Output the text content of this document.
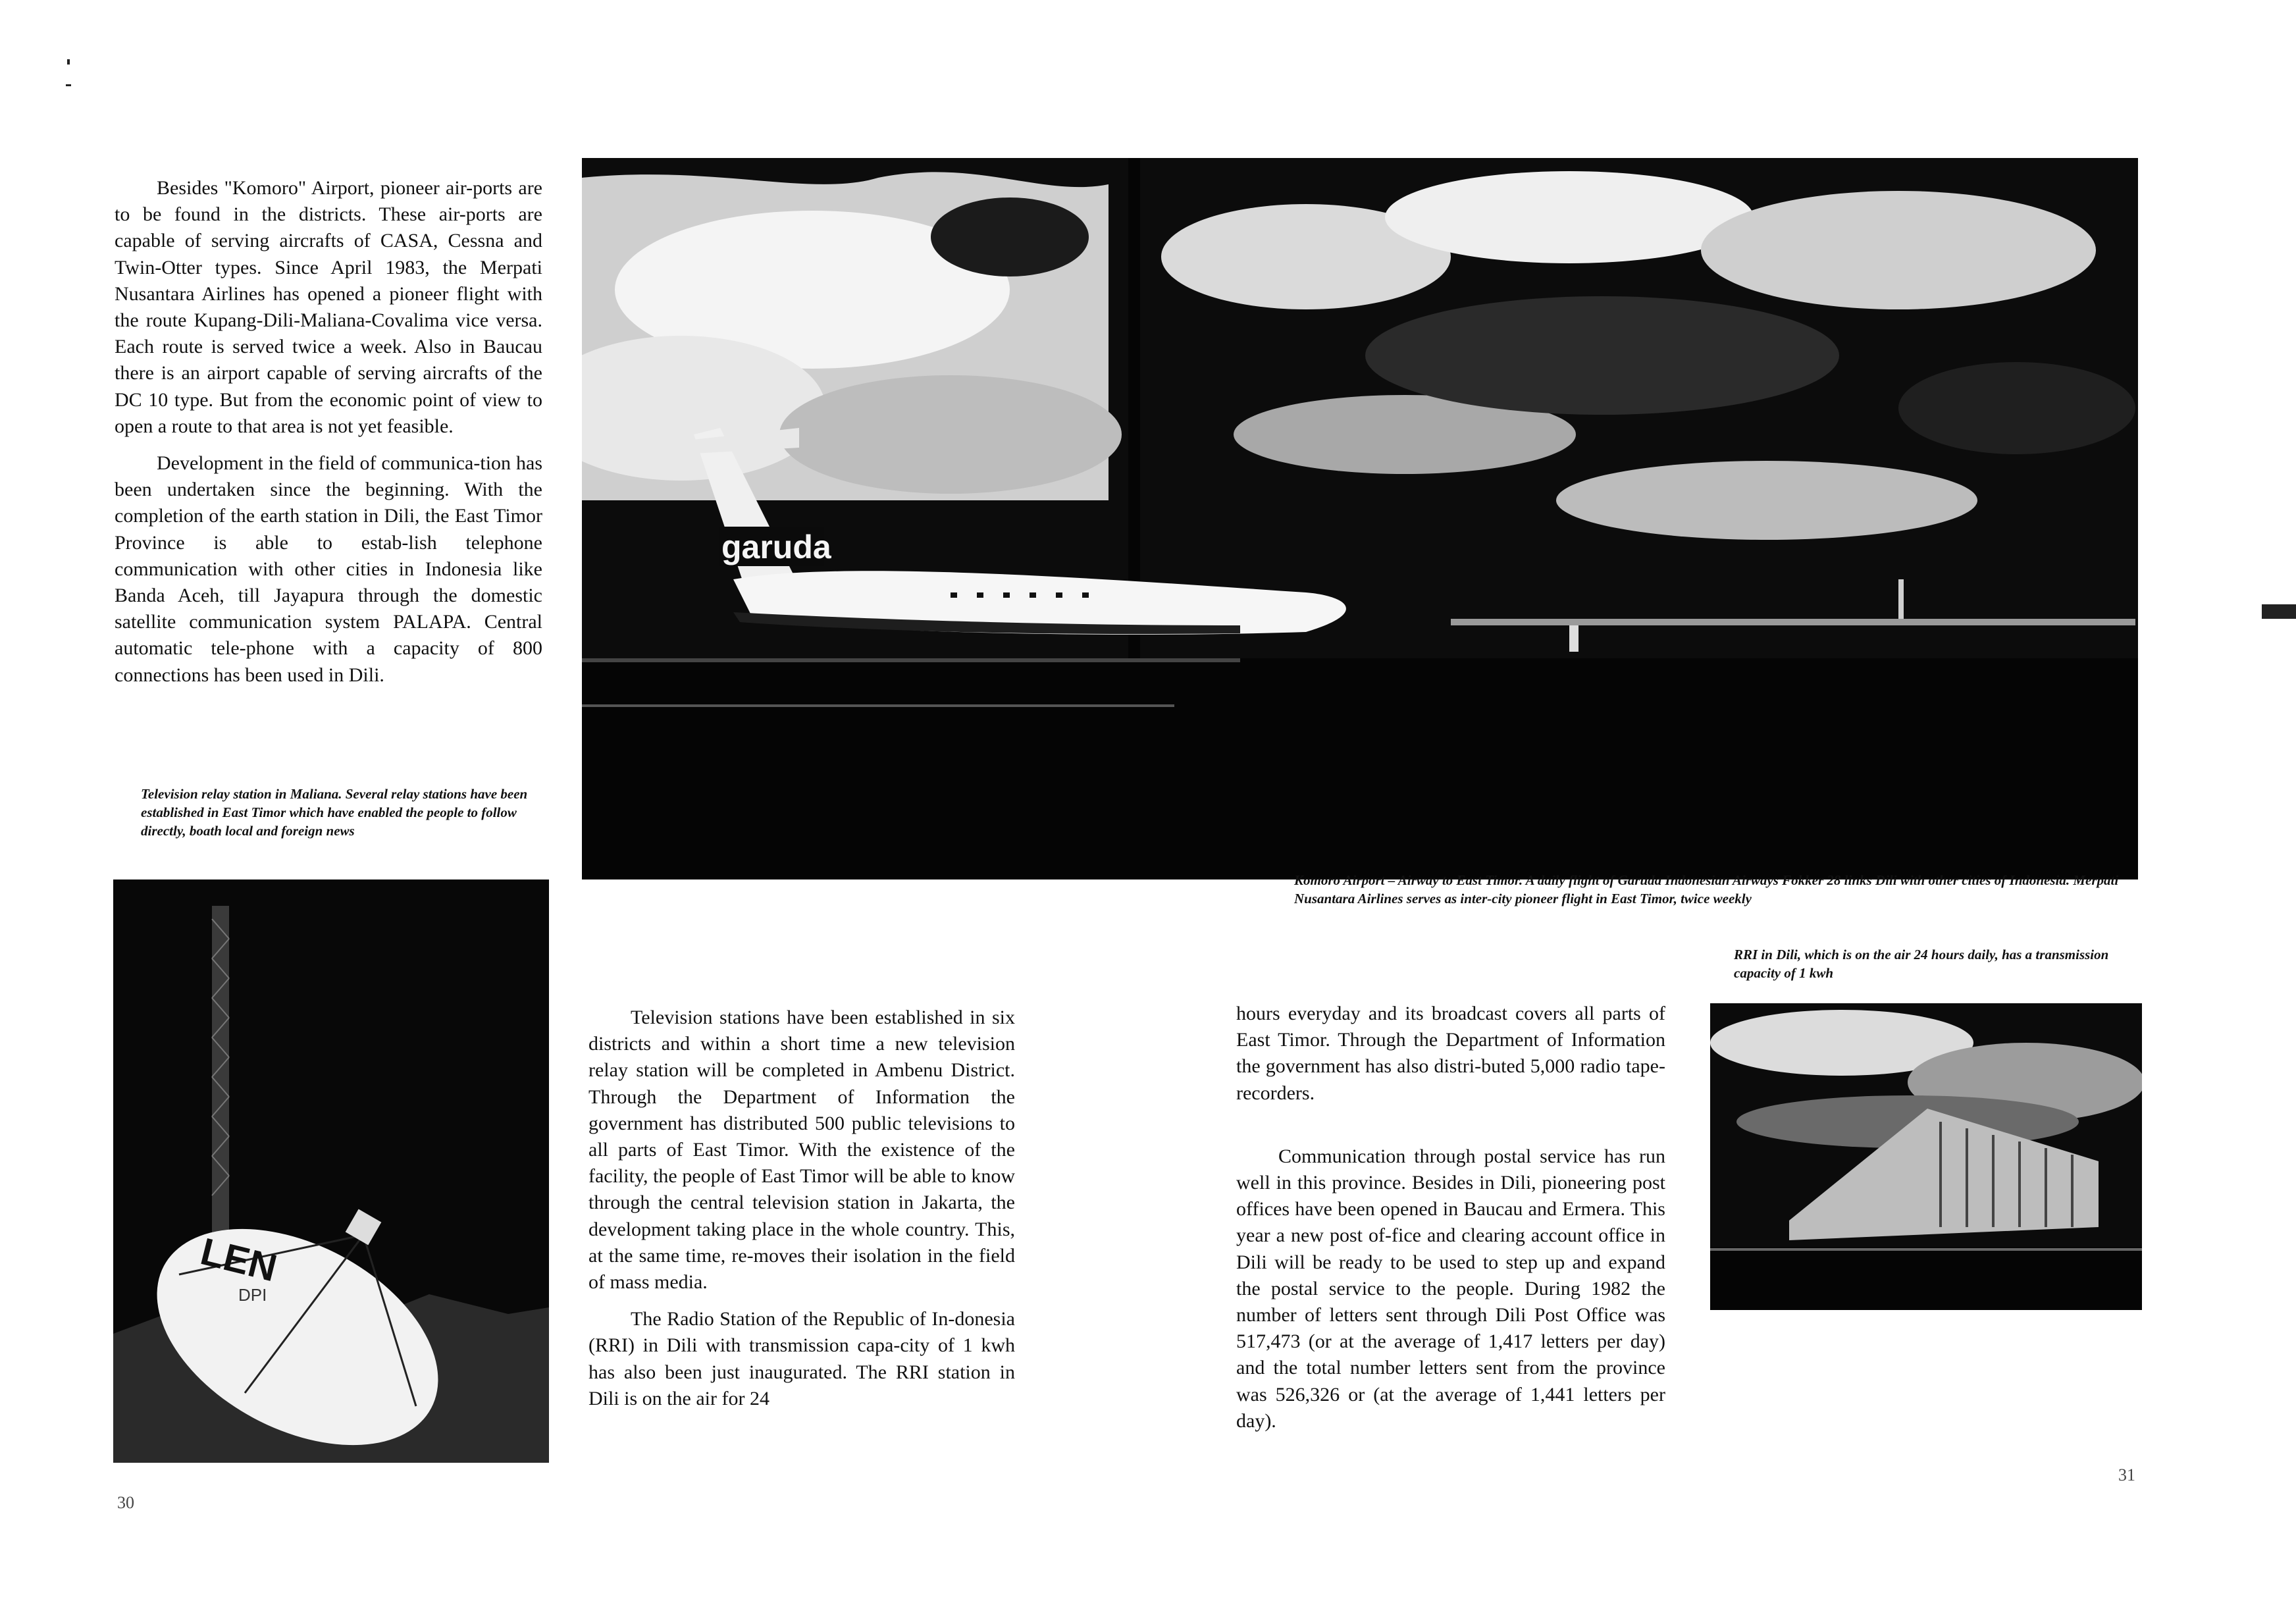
Besides "Komoro" Airport, pioneer air-ports are to be found in the districts. These air-ports are capable of serving aircrafts of CASA, Cessna and Twin-Otter types. Since April 1983, the Merpati Nusantara Airlines has opened a pioneer flight with the route Kupang-Dili-Maliana-Covalima vice versa. Each route is served twice a week. Also in Baucau there is an airport capable of serving aircrafts of the DC 10 type. But from the economic point of view to open a route to that area is not yet feasible.

Development in the field of communica-tion has been undertaken since the beginning. With the completion of the earth station in Dili, the East Timor Province is able to estab-lish telephone communication with other cities in Indonesia like Banda Aceh, till Jayapura through the domestic satellite communication system PALAPA. Central automatic tele-phone with a capacity of 800 connections has been used in Dili.

Television relay station in Maliana. Several relay stations have been established in East Timor which have enabled the people to follow directly, boath local and foreign news
LEN
DPI
garuda
Komoro Airport – Airway to East Timor. A daily flight of Garuda Indonesian Airways Fokker 28 links Dili with other cities of Indonesia. Merpati Nusantara Airlines serves as inter-city pioneer flight in East Timor, twice weekly
RRI in Dili, which is on the air 24 hours daily, has a transmission capacity of 1 kwh

Television stations have been established in six districts and within a short time a new television relay station will be completed in Ambenu District. Through the Department of Information the government has distributed 500 public televisions to all parts of East Timor. With the existence of the facility, the people of East Timor will be able to know through the central television station in Jakarta, the development taking place in the whole country. This, at the same time, re-moves their isolation in the field of mass media.

The Radio Station of the Republic of In-donesia (RRI) in Dili with transmission capa-city of 1 kwh has also been just inaugurated. The RRI station in Dili is on the air for 24

hours everyday and its broadcast covers all parts of East Timor. Through the Department of Information the government has also distri-buted 5,000 radio tape-recorders.

Communication through postal service has run well in this province. Besides in Dili, pioneering post offices have been opened in Baucau and Ermera. This year a new post of-fice and clearing account office in Dili will be ready to be used to step up and expand the postal service to the people. During 1982 the number of letters sent through Dili Post Office was 517,473 (or at the average of 1,417 letters per day) and the total number letters sent from the province was 526,326 or (at the average of 1,441 letters per day).

30
31
